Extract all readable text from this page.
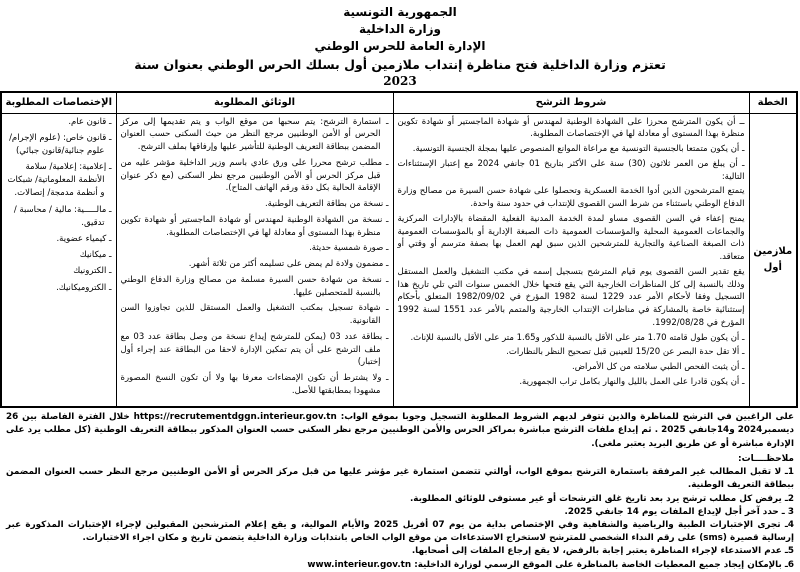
الجمهورية التونسية
وزارة الداخلية
الإدارة العامة للحرس الوطني
تعتزم وزارة الداخلية فتح مناظرة إنتداب ملازمين أول بسلك الحرس الوطني بعنوان سنة
2023
الخطة	شروط الترشح	الوثائق المطلوبة	الإختصاصات المطلوبة
ملازمين أول	
ــ أن يكون المترشح محرزا على الشهادة الوطنية لمهندس أو شهادة الماجستير أو شهادة تكوين منظرة بهذا المستوى أو معادلة لها في الإختصاصات المطلوبة.
ـ أن يكون متمتعا بالجنسية التونسية مع مراعاة الموانع المنصوص عليها بمجلة الجنسية التونسية.
ـ أن يبلغ من العمر ثلاثون (30) سنة على الأكثر بتاريخ 01 جانفي 2024 مع إعتبار الإستثناءات التالية:
يتمتع المترشحون الذين أدوا الخدمة العسكرية وتحصلوا على شهادة حسن السيرة من مصالح وزارة الدفاع الوطني باستثناء من شرط السن القصوى للإنتداب في حدود سنة واحدة.
يمنح إعفاء في السن القصوى مساو لمدة الخدمة المدنية الفعلية المقضاة بالإدارات المركزية والجماعات العمومية المحلية والمؤسسات العمومية ذات الصبغة الإدارية أو بالمؤسسات العمومية ذات الصبغة الصناعية والتجارية للمترشحين الذين سبق لهم العمل بها بصفة مترسم أو وقتي أو متعاقد.
يقع تقدير السن القصوى يوم قيام المترشح بتسجيل إسمه في مكتب التشغيل والعمل المستقل وذلك بالنسبة إلى كل المناظرات الخارجية التي يقع فتحها خلال الخمس سنوات التي تلي تاريخ هذا التسجيل وفقا لأحكام الأمر عدد 1229 لسنة 1982 المؤرخ في 1982/09/02 المتعلق بأحكام إستثنائية خاصة بالمشاركة في مناظرات الإنتداب الخارجية والمتمم بالأمر عدد 1551 لسنة 1992 المؤرخ في 1992/08/28.
ـ أن يكون طول قامته 1.70 متر على الأقل بالنسبة للذكور و1.65 متر على الأقل بالنسبة للإناث.
ـ ألا تقل حدة البصر عن 15/20 للعينين قبل تصحيح النظر بالنظارات.
ـ أن يثبت الفحص الطبي سلامته من كل الأمراض.
ـ أن يكون قادرا على العمل بالليل والنهار بكامل تراب الجمهورية.

ـ استمارة الترشح: يتم سحبها من موقع الواب و يتم تقديمها إلى مركز الحرس أو الأمن الوطنيين مرجع النظر من حيث السكنى حسب العنوان المضمن ببطاقة التعريف الوطنية للتأشير عليها وإرفاقها بملف الترشح.
ـ مطلب ترشح محررا على ورق عادي باسم وزير الداخلية مؤشر عليه من قبل مركز الحرس أو الأمن الوطنيين مرجع نظر السكنى (مع ذكر عنوان الإقامة الحالية بكل دقة ورقم الهاتف المتاح).
ـ نسخة من بطاقة التعريف الوطنية.
ـ نسخة من الشهادة الوطنية لمهندس أو شهادة الماجستير أو شهادة تكوين منظرة بهذا المستوى أو معادلة لها في الإختصاصات المطلوبة.
ـ صورة شمسية حديثة.
ـ مضمون ولادة لم يمض على تسليمه أكثر من ثلاثة أشهر.
ـ نسخة من شهادة حسن السيرة مسلمة من مصالح وزارة الدفاع الوطني بالنسبة للمتحصلين عليها.
ـ شهادة تسجيل بمكتب التشغيل والعمل المستقل للذين تجاوزوا السن القانونية.
ـ بطاقة عدد 03 (يمكن للمترشح إيداع نسخة من وصل بطاقة عدد 03 مع ملف الترشح على أن يتم تمكين الإدارة لاحقا من البطاقة عند إجراء أول إختبار)
ـ ولا يشترط أن تكون الإمضاءات معرفا بها ولا أن تكون النسخ المصورة مشهودا بمطابقتها للأصل.

ـ قانون عام.
ـ قانون خاص: (علوم الإجرام/علوم جنائية/قانون جبائي)
ـ إعلامية: إعلامية/ سلامة الأنظمة المعلوماتية/ شبكات و أنظمة مدمجة/ إتصالات.
ـ مالـــــية: مالية / محاسبة / تدقيق.
ـ كيمياء عضوية.
ـ ميكانيك
ـ الكترونيك
ـ الكتروميكانيك.
على الراغبين في الترشح للمناظرة والذين تتوفر لديهم الشروط المطلوبة التسجيل وجوبا بموقع الواب: https://recrutementdggn.interieur.gov.tn خلال الفترة الفاصلة بين 26 ديسمبر2024 و14جانفي 2025 . ثم إيداع ملفات الترشح مباشرة بمراكز الحرس والأمن الوطنيين مرجع نظر السكنى حسب العنوان المذكور ببطاقة التعريف الوطنية (كل مطلب يرد على الإدارة مباشرة أو عن طريق البريد يعتبر ملغى).
ملاحظــــات:
1ـ لا تقبل المطالب غير المرفقة باستمارة الترشح بموقع الواب، أوالتي تتضمن استمارة غير مؤشر عليها من قبل مركز الحرس أو الأمن الوطنيين مرجع النظر حسب العنوان المضمن ببطاقة التعريف الوطنية.
2ـ يرفض كل مطلب ترشح يرد بعد تاريخ غلق الترشحات أو غير مستوفى للوثائق المطلوبة.
3 ـ حدد آخر أجل لإيداع الملفات يوم 14 جانفي 2025.
4ـ تجرى الإختبارات الطبية والرياضية والشفاهية وفي الإختصاص بداية من يوم 07 أفريل 2025 والأيام الموالية، و يقع إعلام المترشحين المقبولين لإجراء الإختبارات المذكورة عبر إرسالية قصيرة (sms) على رقم النداء الشخصي للمترشح لاستخراج الاستدعاءات من موقع الواب الخاص بانتدابات وزارة الداخلية يتضمن تاريخ و مكان اجراء الاختبارات.
5ـ عدم الاستدعاء لإجراء المناظرة يعتبر إجابة بالرفض، لا يقع إرجاع الملفات إلى أصحابها.
6ـ بالإمكان إيجاد جميع المعطيات الخاصة بالمناظرة على الموقع الرسمي لوزارة الداخلية: www.interieur.gov.tn
